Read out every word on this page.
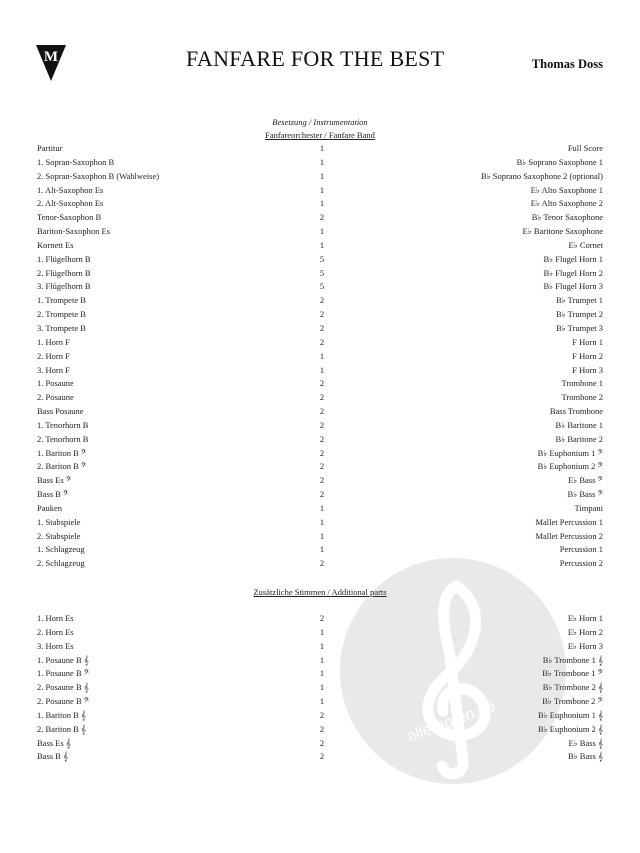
M	FANFARE FOR THE BEST	Thomas Doss
Besetzung / Instrumentation
Fanfareorchester / Fanfare Band
Partitur	1	Full Score
1. Sopran-Saxophon B	1	B♭ Soprano Saxophone 1
2. Sopran-Saxophon B (Wahlweise)	1	B♭ Soprano Saxophone 2 (optional)
1. Alt-Saxophon Es	1	E♭ Alto Saxophone 1
2. Alt-Saxophon Es	1	E♭ Alto Saxophone 2
Tenor-Saxophon B	2	B♭ Tenor Saxophone
Bariton-Saxophon Es	1	E♭ Baritone Saxophone
Kornett Es	1	E♭ Cornet
1. Flügelhorn B	5	B♭ Flugel Horn 1
2. Flügelhorn B	5	B♭ Flugel Horn 2
3. Flügelhorn B	5	B♭ Flugel Horn 3
1. Trompete B	2	B♭ Trumpet 1
2. Trompete B	2	B♭ Trumpet 2
3. Trompete B	2	B♭ Trumpet 3
1. Horn F	2	F Horn 1
2. Horn F	1	F Horn 2
3. Horn F	1	F Horn 3
1. Posaune	2	Trombone 1
2. Posaune	2	Trombone 2
Bass Posaune	2	Bass Trombone
1. Tenorhorn B	2	B♭ Baritone 1
2. Tenorhorn B	2	B♭ Baritone 2
1. Bariton B 𝄢	2	B♭ Euphonium 1 𝄢
2. Bariton B 𝄢	2	B♭ Euphonium 2 𝄢
Bass Es 𝄢	2	E♭ Bass 𝄢
Bass B 𝄢	2	B♭ Bass 𝄢
Pauken	1	Timpani
1. Stabspiele	1	Mallet Percussion 1
2. Stabspiele	1	Mallet Percussion 2
1. Schlagzeug	1	Percussion 1
2. Schlagzeug	2	Percussion 2
Zusätzliche Stimmen / Additional parts
1. Horn Es	2	E♭ Horn 1
2. Horn Es	1	E♭ Horn 2
3. Horn Es	1	E♭ Horn 3
1. Posaune B 𝄞	1	B♭ Trombone 1 𝄞
1. Posaune B 𝄢	1	B♭ Trombone 1 𝄢
2. Posaune B 𝄞	1	B♭ Trombone 2 𝄞
2. Posaune B 𝄢	1	B♭ Trombone 2 𝄢
1. Bariton B 𝄞	2	B♭ Euphonium 1 𝄞
2. Bariton B 𝄞	2	B♭ Euphonium 2 𝄞
Bass Es 𝄞	2	E♭ Bass 𝄞
Bass B 𝄞	2	B♭ Bass 𝄞
alle-noten.de
